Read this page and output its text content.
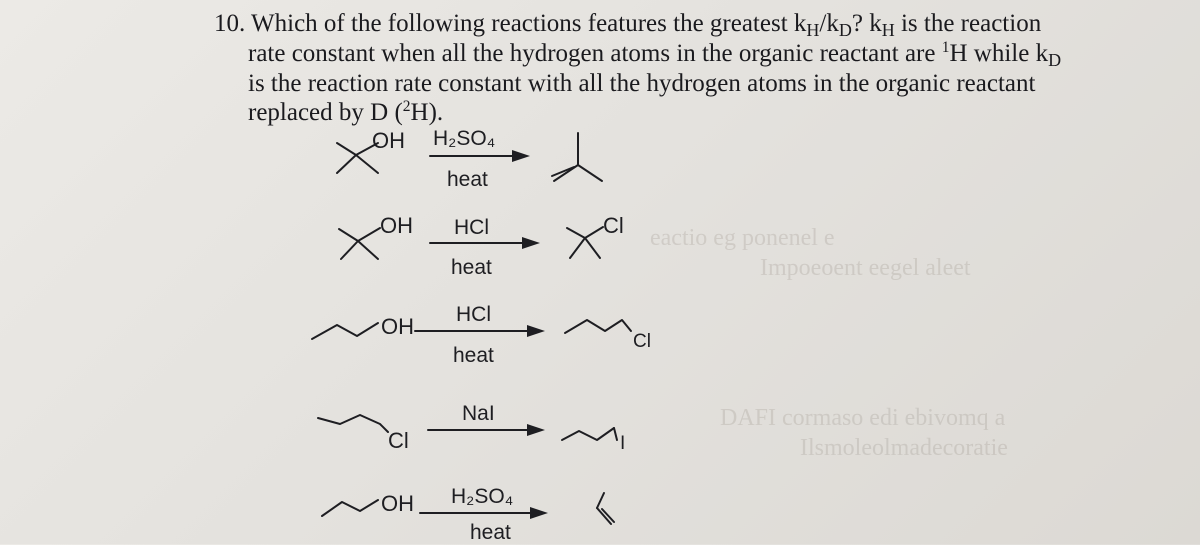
eactio eg ponenel e
Impoeoent eegel aleet
DAFI cormaso edi ebivomq a
Ilsmoleolmadecoratie
10. Which of the following reactions features the greatest kH/kD? kH is the reaction
rate constant when all the hydrogen atoms in the organic reactant are $^1$H while kD
is the reaction rate constant with all the hydrogen atoms in the organic reactant
replaced by D ($^2$H).
OH H₂SO₄
heat
OH HCl
heat
Cl
OH HCl
heat
Cl
Cl
NaI
I
OH H₂SO₄
heat
